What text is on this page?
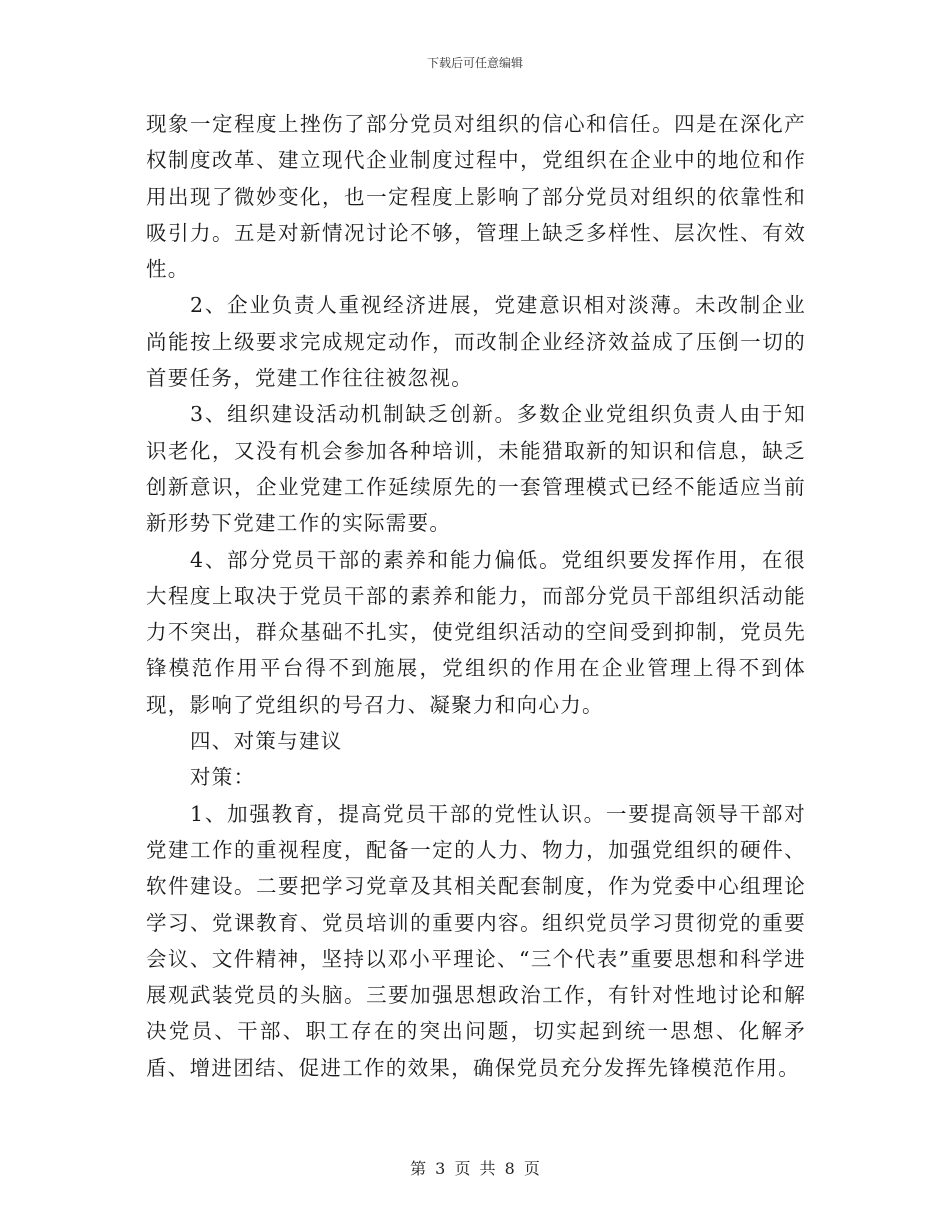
下载后可任意编辑

现象一定程度上挫伤了部分党员对组织的信心和信任。四是在深化产权制度改革、建立现代企业制度过程中，党组织在企业中的地位和作用出现了微妙变化，也一定程度上影响了部分党员对组织的依靠性和吸引力。五是对新情况讨论不够，管理上缺乏多样性、层次性、有效性。

2、企业负责人重视经济进展，党建意识相对淡薄。未改制企业尚能按上级要求完成规定动作，而改制企业经济效益成了压倒一切的首要任务，党建工作往往被忽视。

3、组织建设活动机制缺乏创新。多数企业党组织负责人由于知识老化，又没有机会参加各种培训，未能猎取新的知识和信息，缺乏创新意识，企业党建工作延续原先的一套管理模式已经不能适应当前新形势下党建工作的实际需要。

4、部分党员干部的素养和能力偏低。党组织要发挥作用，在很大程度上取决于党员干部的素养和能力，而部分党员干部组织活动能力不突出，群众基础不扎实，使党组织活动的空间受到抑制，党员先锋模范作用平台得不到施展，党组织的作用在企业管理上得不到体现，影响了党组织的号召力、凝聚力和向心力。

四、对策与建议

对策：

1、加强教育，提高党员干部的党性认识。一要提高领导干部对党建工作的重视程度，配备一定的人力、物力，加强党组织的硬件、软件建设。二要把学习党章及其相关配套制度，作为党委中心组理论学习、党课教育、党员培训的重要内容。组织党员学习贯彻党的重要会议、文件精神，坚持以邓小平理论、“三个代表”重要思想和科学进展观武装党员的头脑。三要加强思想政治工作，有针对性地讨论和解决党员、干部、职工存在的突出问题，切实起到统一思想、化解矛盾、增进团结、促进工作的效果，确保党员充分发挥先锋模范作用。

第 3 页 共 8 页
